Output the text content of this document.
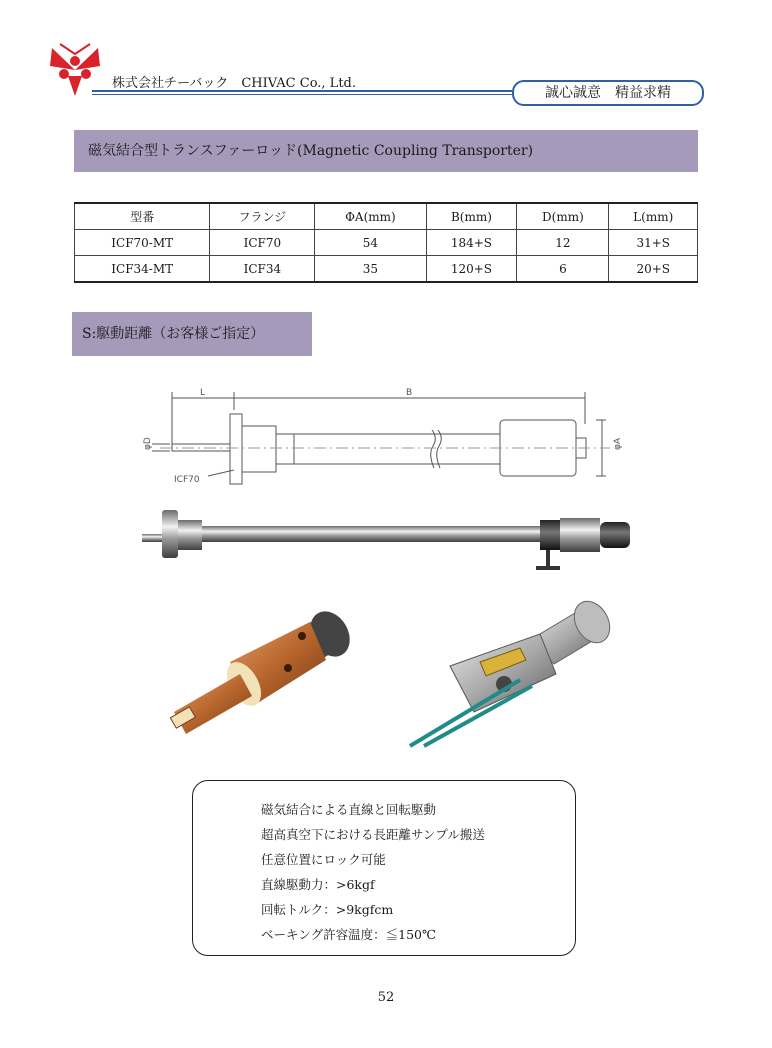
株式会社チーバック　CHIVAC Co., Ltd.
誠心誠意　精益求精
磁気結合型トランスファーロッド(Magnetic Coupling Transporter)
型番	フランジ	ΦA(mm)	B(mm)	D(mm)	L(mm)
ICF70-MT	ICF70	54	184+S	12	31+S
ICF34-MT	ICF34	35	120+S	6	20+S
S:駆動距離（お客様ご指定）
L	B
φD	φA
ICF70
磁気結合による直線と回転駆動
超高真空下における長距離サンプル搬送
任意位置にロック可能
直線駆動力：>6kgf
回転トルク：>9kgfcm
ベーキング許容温度：≦150℃
52
